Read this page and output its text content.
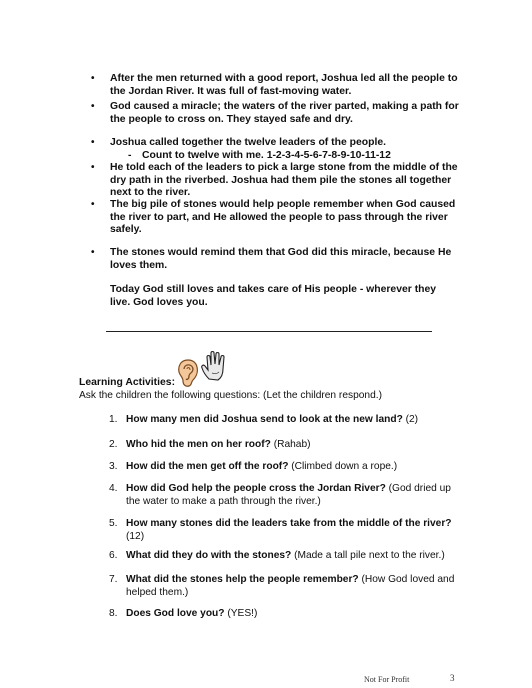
• After the men returned with a good report, Joshua led all the people to the Jordan River. It was full of fast-moving water.
• God caused a miracle; the waters of the river parted, making a path for the people to cross on. They stayed safe and dry.
• Joshua called together the twelve leaders of the people.
- Count to twelve with me. 1-2-3-4-5-6-7-8-9-10-11-12
• He told each of the leaders to pick a large stone from the middle of the dry path in the riverbed. Joshua had them pile the stones all together next to the river.
• The big pile of stones would help people remember when God caused the river to part, and He allowed the people to pass through the river safely.
• The stones would remind them that God did this miracle, because He loves them.
Today God still loves and takes care of His people - wherever they live. God loves you.
Learning Activities:
Ask the children the following questions: (Let the children respond.)
1. How many men did Joshua send to look at the new land? (2)
2. Who hid the men on her roof? (Rahab)
3. How did the men get off the roof? (Climbed down a rope.)
4. How did God help the people cross the Jordan River? (God dried up the water to make a path through the river.)
5. How many stones did the leaders take from the middle of the river? (12)
6. What did they do with the stones? (Made a tall pile next to the river.)
7. What did the stones help the people remember? (How God loved and helped them.)
8. Does God love you? (YES!)
Not For Profit	3
